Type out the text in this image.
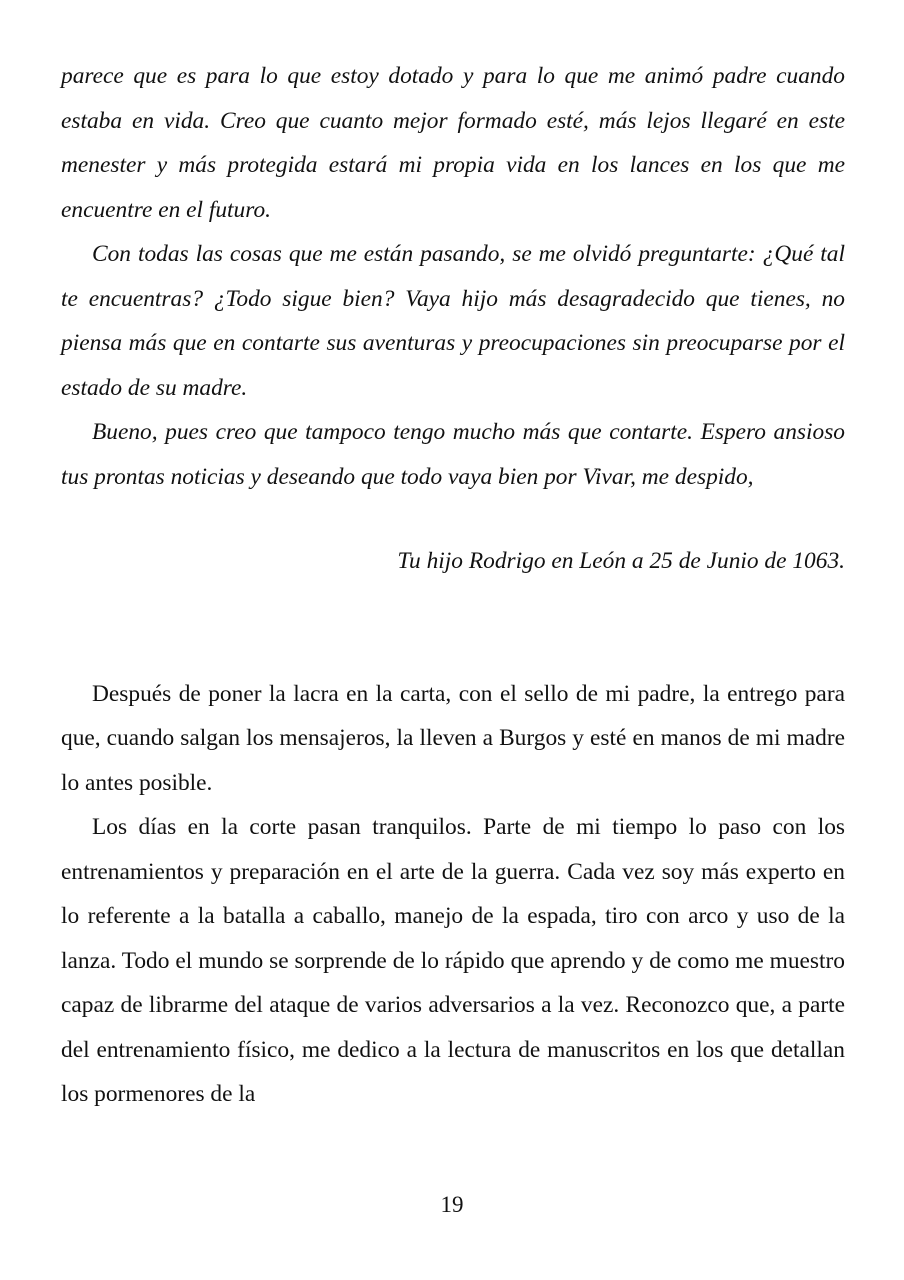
parece que es para lo que estoy dotado y para lo que me animó padre cuando estaba en vida. Creo que cuanto mejor formado esté, más lejos llegaré en este menester y más protegida estará mi propia vida en los lances en los que me encuentre en el futuro.

Con todas las cosas que me están pasando, se me olvidó preguntarte: ¿Qué tal te encuentras? ¿Todo sigue bien? Vaya hijo más desagradecido que tienes, no piensa más que en contarte sus aventuras y preocupaciones sin preocuparse por el estado de su madre.

Bueno, pues creo que tampoco tengo mucho más que contarte. Espero ansioso tus prontas noticias y deseando que todo vaya bien por Vivar, me despido,

Tu hijo Rodrigo en León a 25 de Junio de 1063.

Después de poner la lacra en la carta, con el sello de mi padre, la entrego para que, cuando salgan los mensajeros, la lleven a Burgos y esté en manos de mi madre lo antes posible.

Los días en la corte pasan tranquilos. Parte de mi tiempo lo paso con los entrenamientos y preparación en el arte de la guerra. Cada vez soy más experto en lo referente a la batalla a caballo, manejo de la espada, tiro con arco y uso de la lanza. Todo el mundo se sorprende de lo rápido que aprendo y de como me muestro capaz de librarme del ataque de varios adversarios a la vez. Reconozco que, a parte del entrenamiento físico, me dedico a la lectura de manuscritos en los que detallan los pormenores de la

19
